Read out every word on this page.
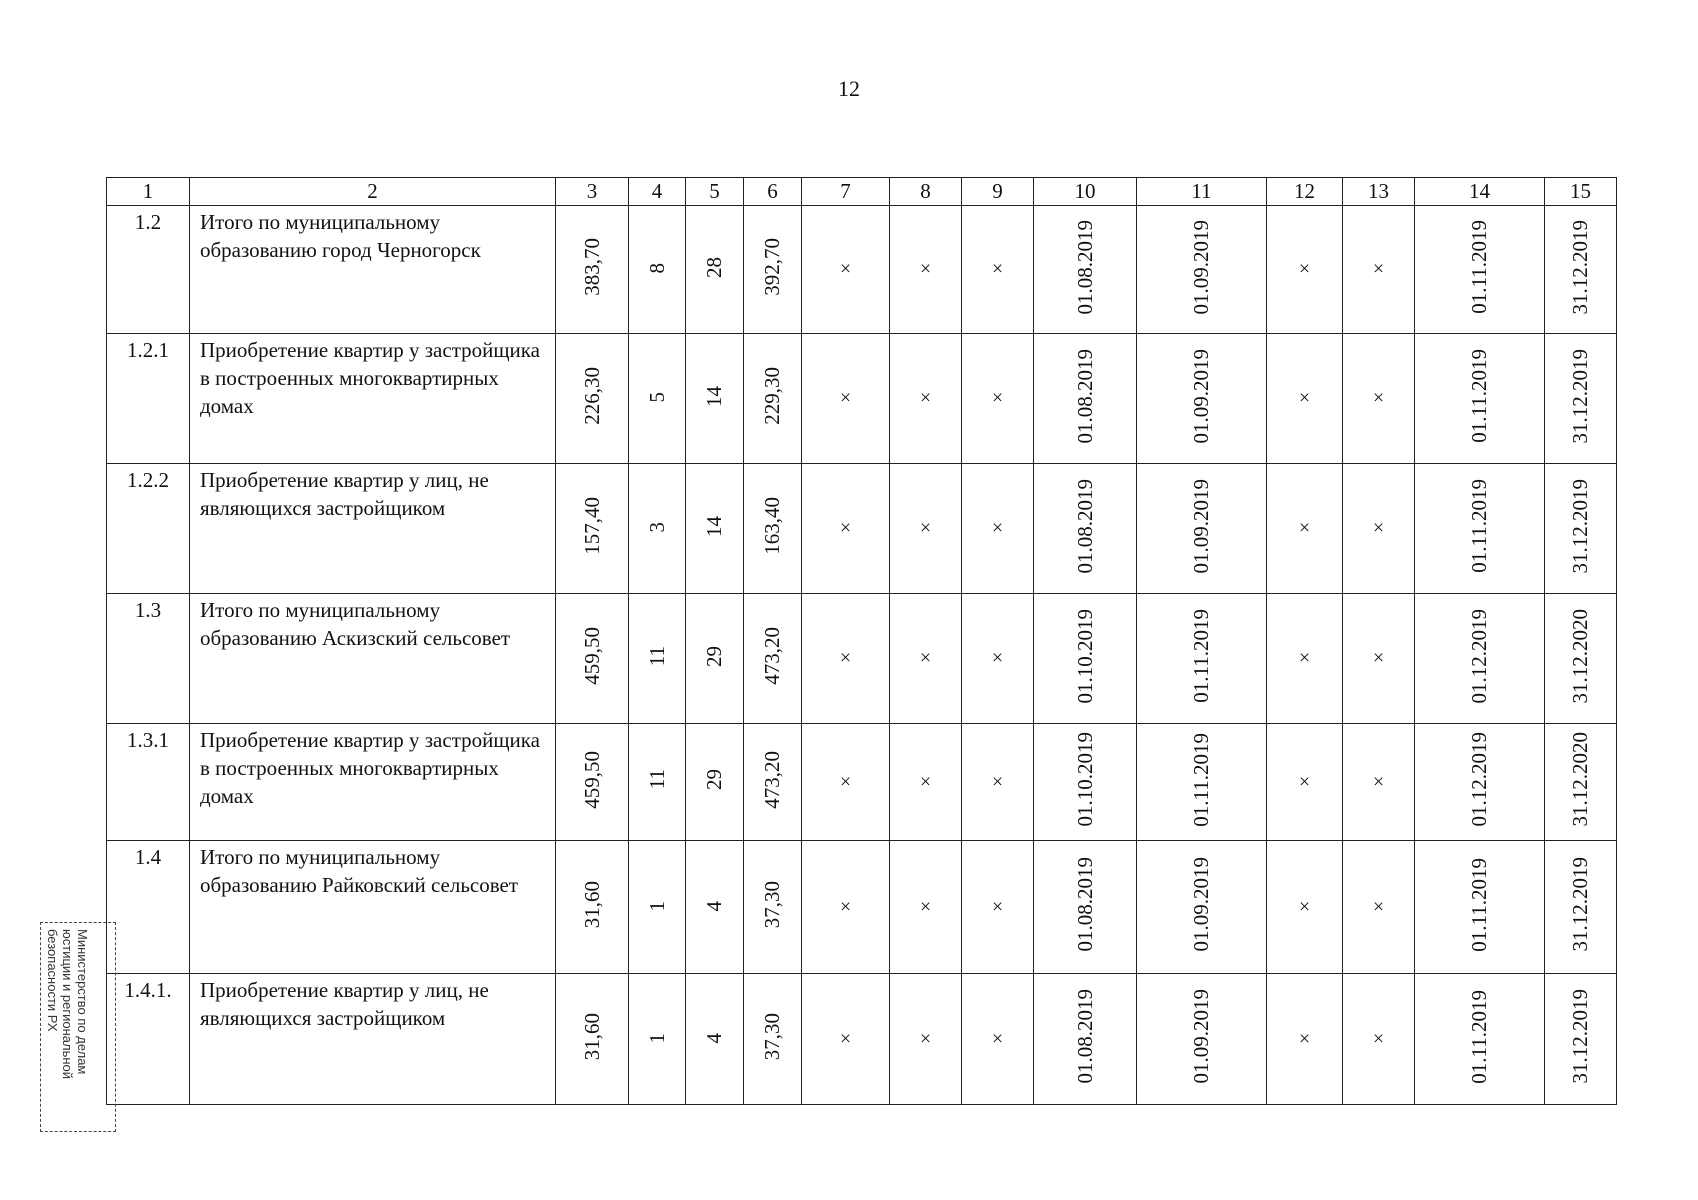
12
1	2	3	4	5	6	7	8	9	10	11	12	13	14	15
1.2	Итого по муниципальному образованию город Черногорск	383,70	8	28	392,70	×	×	×	01.08.2019	01.09.2019	×	×	01.11.2019	31.12.2019
1.2.1	Приобретение квартир у застройщика в построенных многоквартирных домах	226,30	5	14	229,30	×	×	×	01.08.2019	01.09.2019	×	×	01.11.2019	31.12.2019
1.2.2	Приобретение квартир у лиц, не являющихся застройщиком	157,40	3	14	163,40	×	×	×	01.08.2019	01.09.2019	×	×	01.11.2019	31.12.2019
1.3	Итого по муниципальному образованию Аскизский сельсовет	459,50	11	29	473,20	×	×	×	01.10.2019	01.11.2019	×	×	01.12.2019	31.12.2020
1.3.1	Приобретение квартир у застройщика в построенных многоквартирных домах	459,50	11	29	473,20	×	×	×	01.10.2019	01.11.2019	×	×	01.12.2019	31.12.2020
1.4	Итого по муниципальному образованию Райковский сельсовет	31,60	1	4	37,30	×	×	×	01.08.2019	01.09.2019	×	×	01.11.2019	31.12.2019
1.4.1.	Приобретение квартир у лиц, не являющихся застройщиком	31,60	1	4	37,30	×	×	×	01.08.2019	01.09.2019	×	×	01.11.2019	31.12.2019
Министерство по делам юстиции и региональной безопасности РХ
